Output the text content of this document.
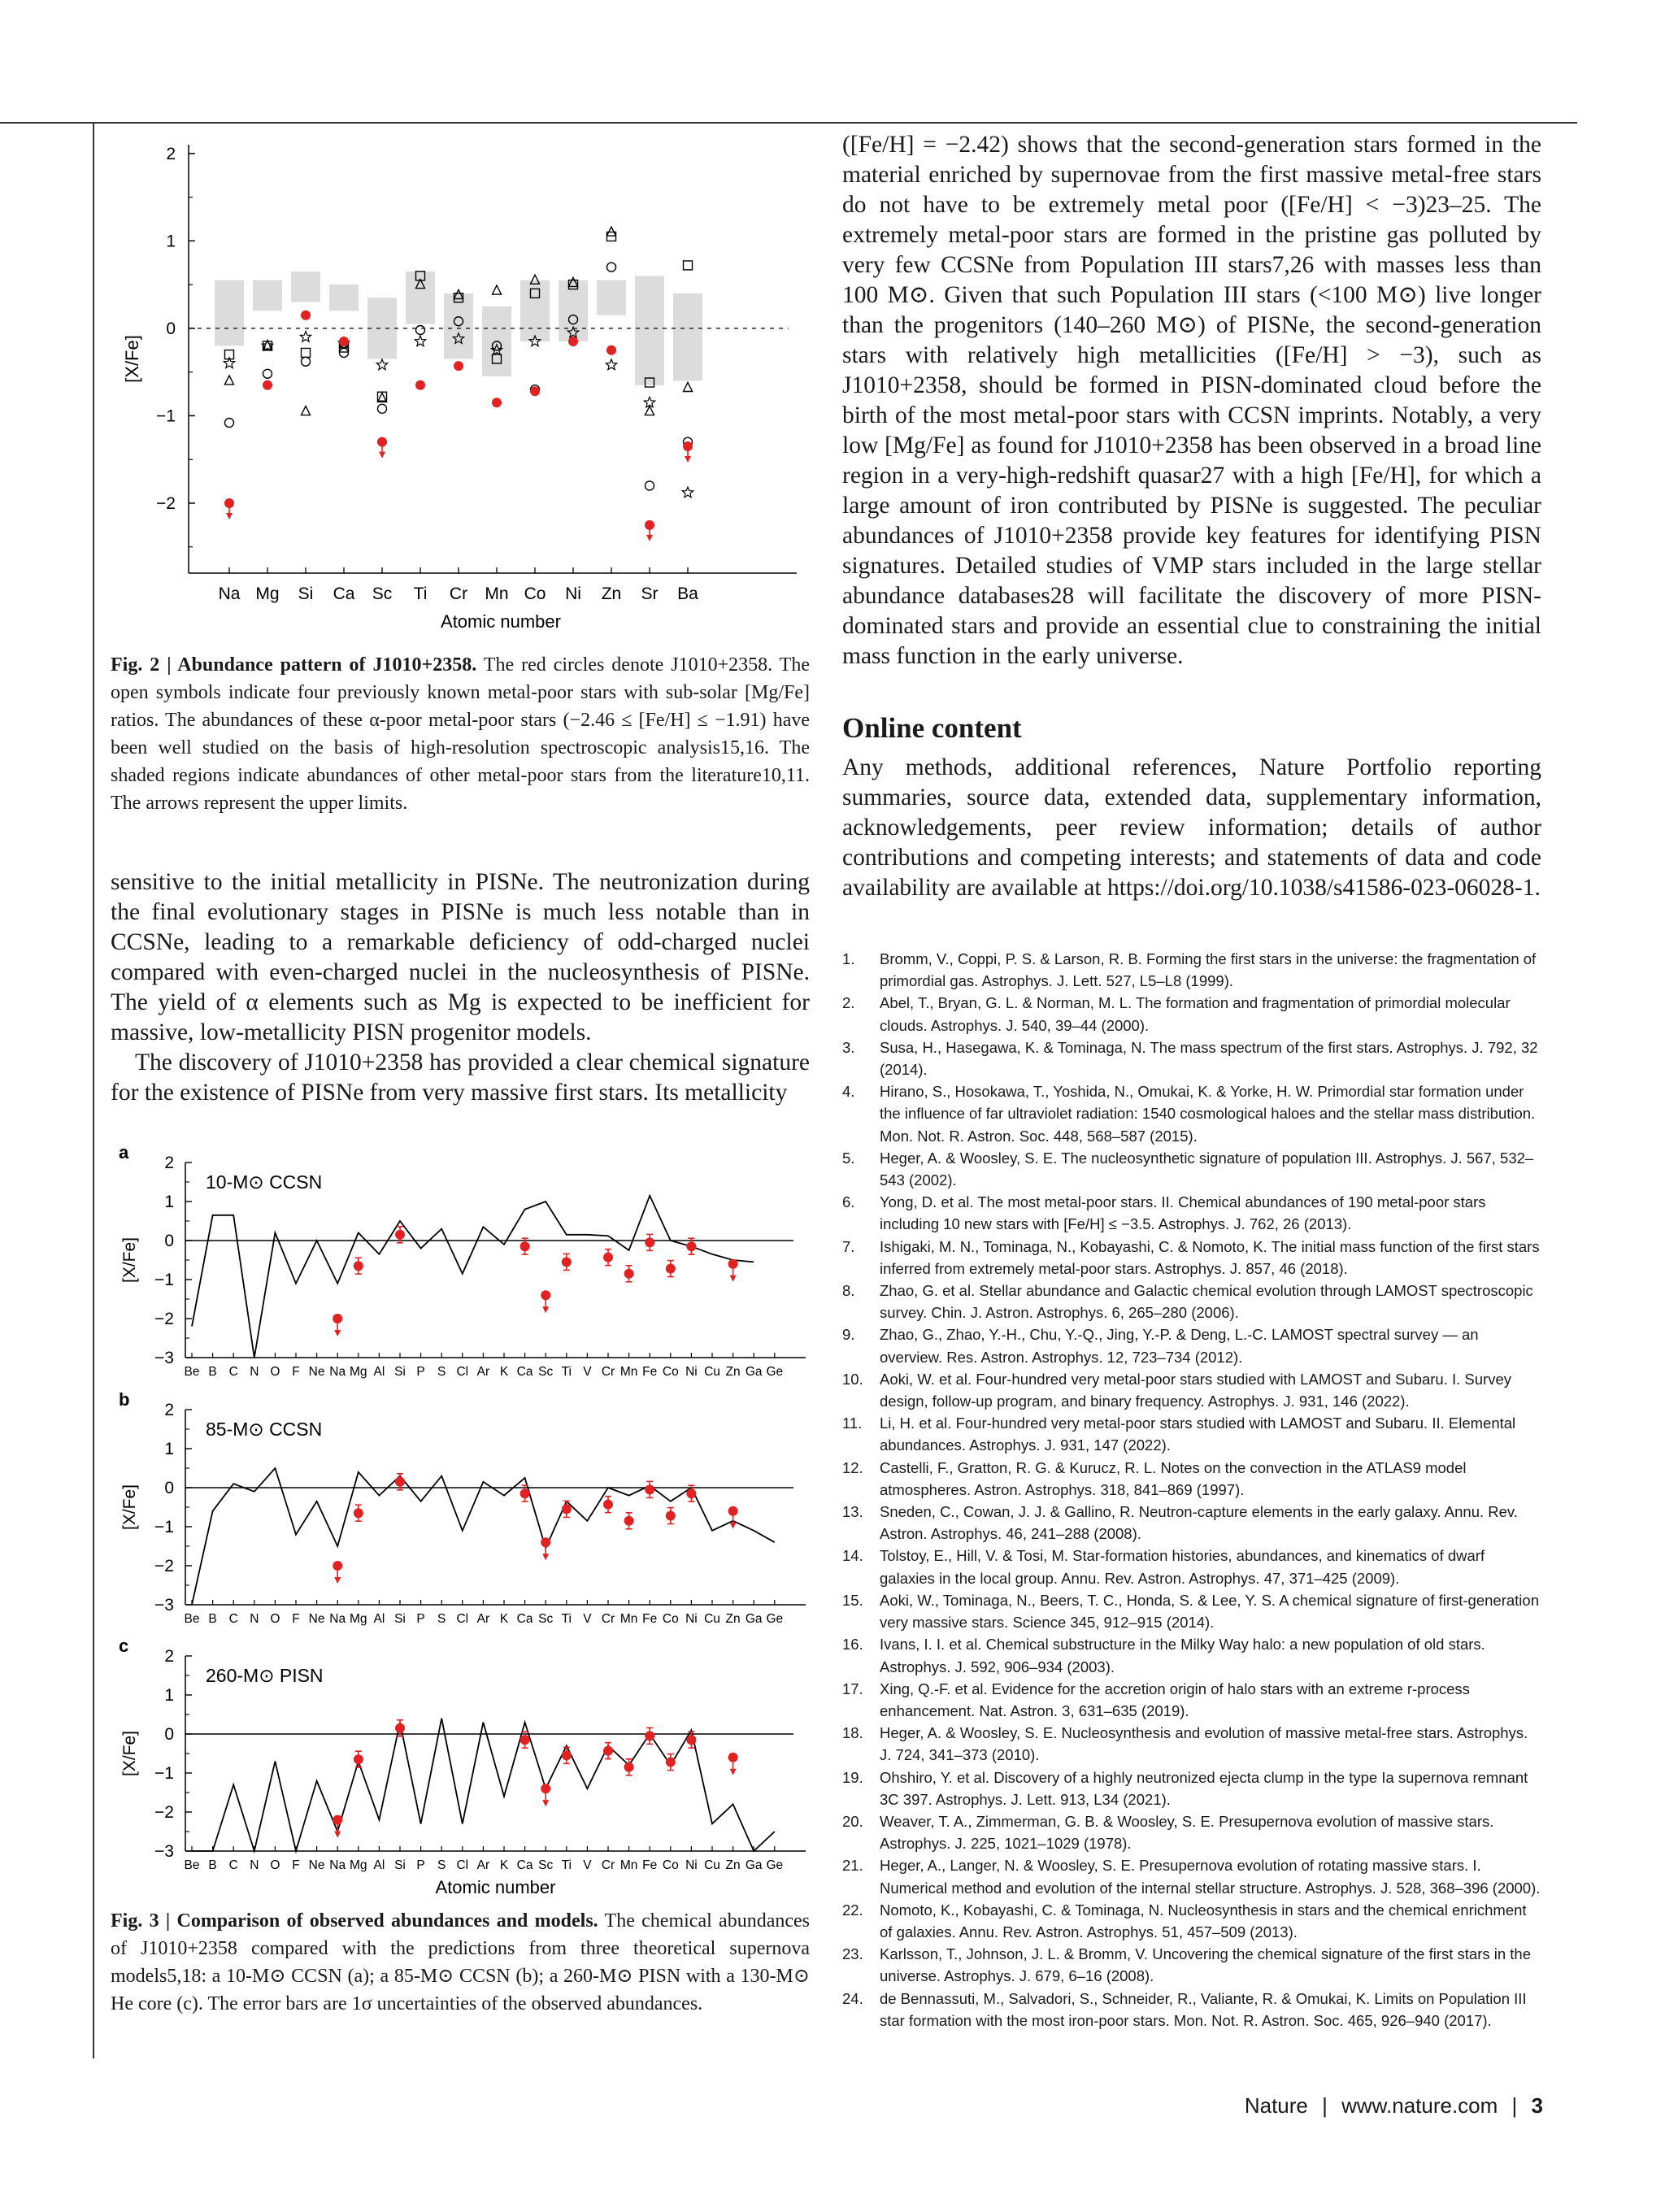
2
1
0
−1
−2
[X/Fe]
Atomic number
Na Mg Si Ca Sc Ti Cr Mn Co Ni Zn Sr Ba
Fig. 2 | Abundance pattern of J1010+2358. The red circles denote J1010+2358. The open symbols indicate four previously known metal-poor stars with sub-solar [Mg/Fe] ratios. The abundances of these α-poor metal-poor stars (−2.46 ≤ [Fe/H] ≤ −1.91) have been well studied on the basis of high-resolution spectroscopic analysis15,16. The shaded regions indicate abundances of other metal-poor stars from the literature10,11. The arrows represent the upper limits.

sensitive to the initial metallicity in PISNe. The neutronization during the final evolutionary stages in PISNe is much less notable than in CCSNe, leading to a remarkable deficiency of odd-charged nuclei compared with even-charged nuclei in the nucleosynthesis of PISNe. The yield of α elements such as Mg is expected to be inefficient for massive, low-metallicity PISN progenitor models.

The discovery of J1010+2358 has provided a clear chemical signature for the existence of PISNe from very massive first stars. Its metallicity

a
2
1
0
−1
−2
−3
[X/Fe]
10-M⊙ CCSN
Be B C N O F Ne Na Mg Al Si P S Cl Ar K Ca Sc Ti V Cr Mn Fe Co Ni Cu Zn Ga Ge
b
2
1
0
−1
−2
−3
[X/Fe]
85-M⊙ CCSN
Be B C N O F Ne Na Mg Al Si P S Cl Ar K Ca Sc Ti V Cr Mn Fe Co Ni Cu Zn Ga Ge
c
2
1
0
−1
−2
−3
[X/Fe]
260-M⊙ PISN
Be B C N O F Ne Na Mg Al Si P S Cl Ar K Ca Sc Ti V Cr Mn Fe Co Ni Cu Zn Ga Ge
Atomic number
Fig. 3 | Comparison of observed abundances and models. The chemical abundances of J1010+2358 compared with the predictions from three theoretical supernova models5,18: a 10-M⊙ CCSN (a); a 85-M⊙ CCSN (b); a 260-M⊙ PISN with a 130-M⊙ He core (c). The error bars are 1σ uncertainties of the observed abundances.

([Fe/H] = −2.42) shows that the second-generation stars formed in the material enriched by supernovae from the first massive metal-free stars do not have to be extremely metal poor ([Fe/H] < −3)23–25. The extremely metal-poor stars are formed in the pristine gas polluted by very few CCSNe from Population III stars7,26 with masses less than 100 M⊙. Given that such Population III stars (<100 M⊙) live longer than the progenitors (140–260 M⊙) of PISNe, the second-generation stars with relatively high metallicities ([Fe/H] > −3), such as J1010+2358, should be formed in PISN-dominated cloud before the birth of the most metal-poor stars with CCSN imprints. Notably, a very low [Mg/Fe] as found for J1010+2358 has been observed in a broad line region in a very-high-redshift quasar27 with a high [Fe/H], for which a large amount of iron contributed by PISNe is suggested. The peculiar abundances of J1010+2358 provide key features for identifying PISN signatures. Detailed studies of VMP stars included in the large stellar abundance databases28 will facilitate the discovery of more PISN-dominated stars and provide an essential clue to constraining the initial mass function in the early universe.

Online content

Any methods, additional references, Nature Portfolio reporting summaries, source data, extended data, supplementary information, acknowledgements, peer review information; details of author contributions and competing interests; and statements of data and code availability are available at https://doi.org/10.1038/s41586-023-06028-1.

1.	Bromm, V., Coppi, P. S. & Larson, R. B. Forming the first stars in the universe: the fragmentation of primordial gas. Astrophys. J. Lett. 527, L5–L8 (1999).
2.	Abel, T., Bryan, G. L. & Norman, M. L. The formation and fragmentation of primordial molecular clouds. Astrophys. J. 540, 39–44 (2000).
3.	Susa, H., Hasegawa, K. & Tominaga, N. The mass spectrum of the first stars. Astrophys. J. 792, 32 (2014).
4.	Hirano, S., Hosokawa, T., Yoshida, N., Omukai, K. & Yorke, H. W. Primordial star formation under the influence of far ultraviolet radiation: 1540 cosmological haloes and the stellar mass distribution. Mon. Not. R. Astron. Soc. 448, 568–587 (2015).
5.	Heger, A. & Woosley, S. E. The nucleosynthetic signature of population III. Astrophys. J. 567, 532–543 (2002).
6.	Yong, D. et al. The most metal-poor stars. II. Chemical abundances of 190 metal-poor stars including 10 new stars with [Fe/H] ≤ −3.5. Astrophys. J. 762, 26 (2013).
7.	Ishigaki, M. N., Tominaga, N., Kobayashi, C. & Nomoto, K. The initial mass function of the first stars inferred from extremely metal-poor stars. Astrophys. J. 857, 46 (2018).
8.	Zhao, G. et al. Stellar abundance and Galactic chemical evolution through LAMOST spectroscopic survey. Chin. J. Astron. Astrophys. 6, 265–280 (2006).
9.	Zhao, G., Zhao, Y.-H., Chu, Y.-Q., Jing, Y.-P. & Deng, L.-C. LAMOST spectral survey — an overview. Res. Astron. Astrophys. 12, 723–734 (2012).
10. Aoki, W. et al. Four-hundred very metal-poor stars studied with LAMOST and Subaru. I. Survey design, follow-up program, and binary frequency. Astrophys. J. 931, 146 (2022).
11.	Li, H. et al. Four-hundred very metal-poor stars studied with LAMOST and Subaru. II. Elemental abundances. Astrophys. J. 931, 147 (2022).
12. Castelli, F., Gratton, R. G. & Kurucz, R. L. Notes on the convection in the ATLAS9 model atmospheres. Astron. Astrophys. 318, 841–869 (1997).
13. Sneden, C., Cowan, J. J. & Gallino, R. Neutron-capture elements in the early galaxy. Annu. Rev. Astron. Astrophys. 46, 241–288 (2008).
14. Tolstoy, E., Hill, V. & Tosi, M. Star-formation histories, abundances, and kinematics of dwarf galaxies in the local group. Annu. Rev. Astron. Astrophys. 47, 371–425 (2009).
15. Aoki, W., Tominaga, N., Beers, T. C., Honda, S. & Lee, Y. S. A chemical signature of first-generation very massive stars. Science 345, 912–915 (2014).
16. Ivans, I. I. et al. Chemical substructure in the Milky Way halo: a new population of old stars. Astrophys. J. 592, 906–934 (2003).
17. Xing, Q.-F. et al. Evidence for the accretion origin of halo stars with an extreme r-process enhancement. Nat. Astron. 3, 631–635 (2019).
18. Heger, A. & Woosley, S. E. Nucleosynthesis and evolution of massive metal-free stars. Astrophys. J. 724, 341–373 (2010).
19. Ohshiro, Y. et al. Discovery of a highly neutronized ejecta clump in the type Ia supernova remnant 3C 397. Astrophys. J. Lett. 913, L34 (2021).
20. Weaver, T. A., Zimmerman, G. B. & Woosley, S. E. Presupernova evolution of massive stars. Astrophys. J. 225, 1021–1029 (1978).
21. Heger, A., Langer, N. & Woosley, S. E. Presupernova evolution of rotating massive stars. I. Numerical method and evolution of the internal stellar structure. Astrophys. J. 528, 368–396 (2000).
22. Nomoto, K., Kobayashi, C. & Tominaga, N. Nucleosynthesis in stars and the chemical enrichment of galaxies. Annu. Rev. Astron. Astrophys. 51, 457–509 (2013).
23. Karlsson, T., Johnson, J. L. & Bromm, V. Uncovering the chemical signature of the first stars in the universe. Astrophys. J. 679, 6–16 (2008).
24. de Bennassuti, M., Salvadori, S., Schneider, R., Valiante, R. & Omukai, K. Limits on Population III star formation with the most iron-poor stars. Mon. Not. R. Astron. Soc. 465, 926–940 (2017).
Nature | www.nature.com | 3
